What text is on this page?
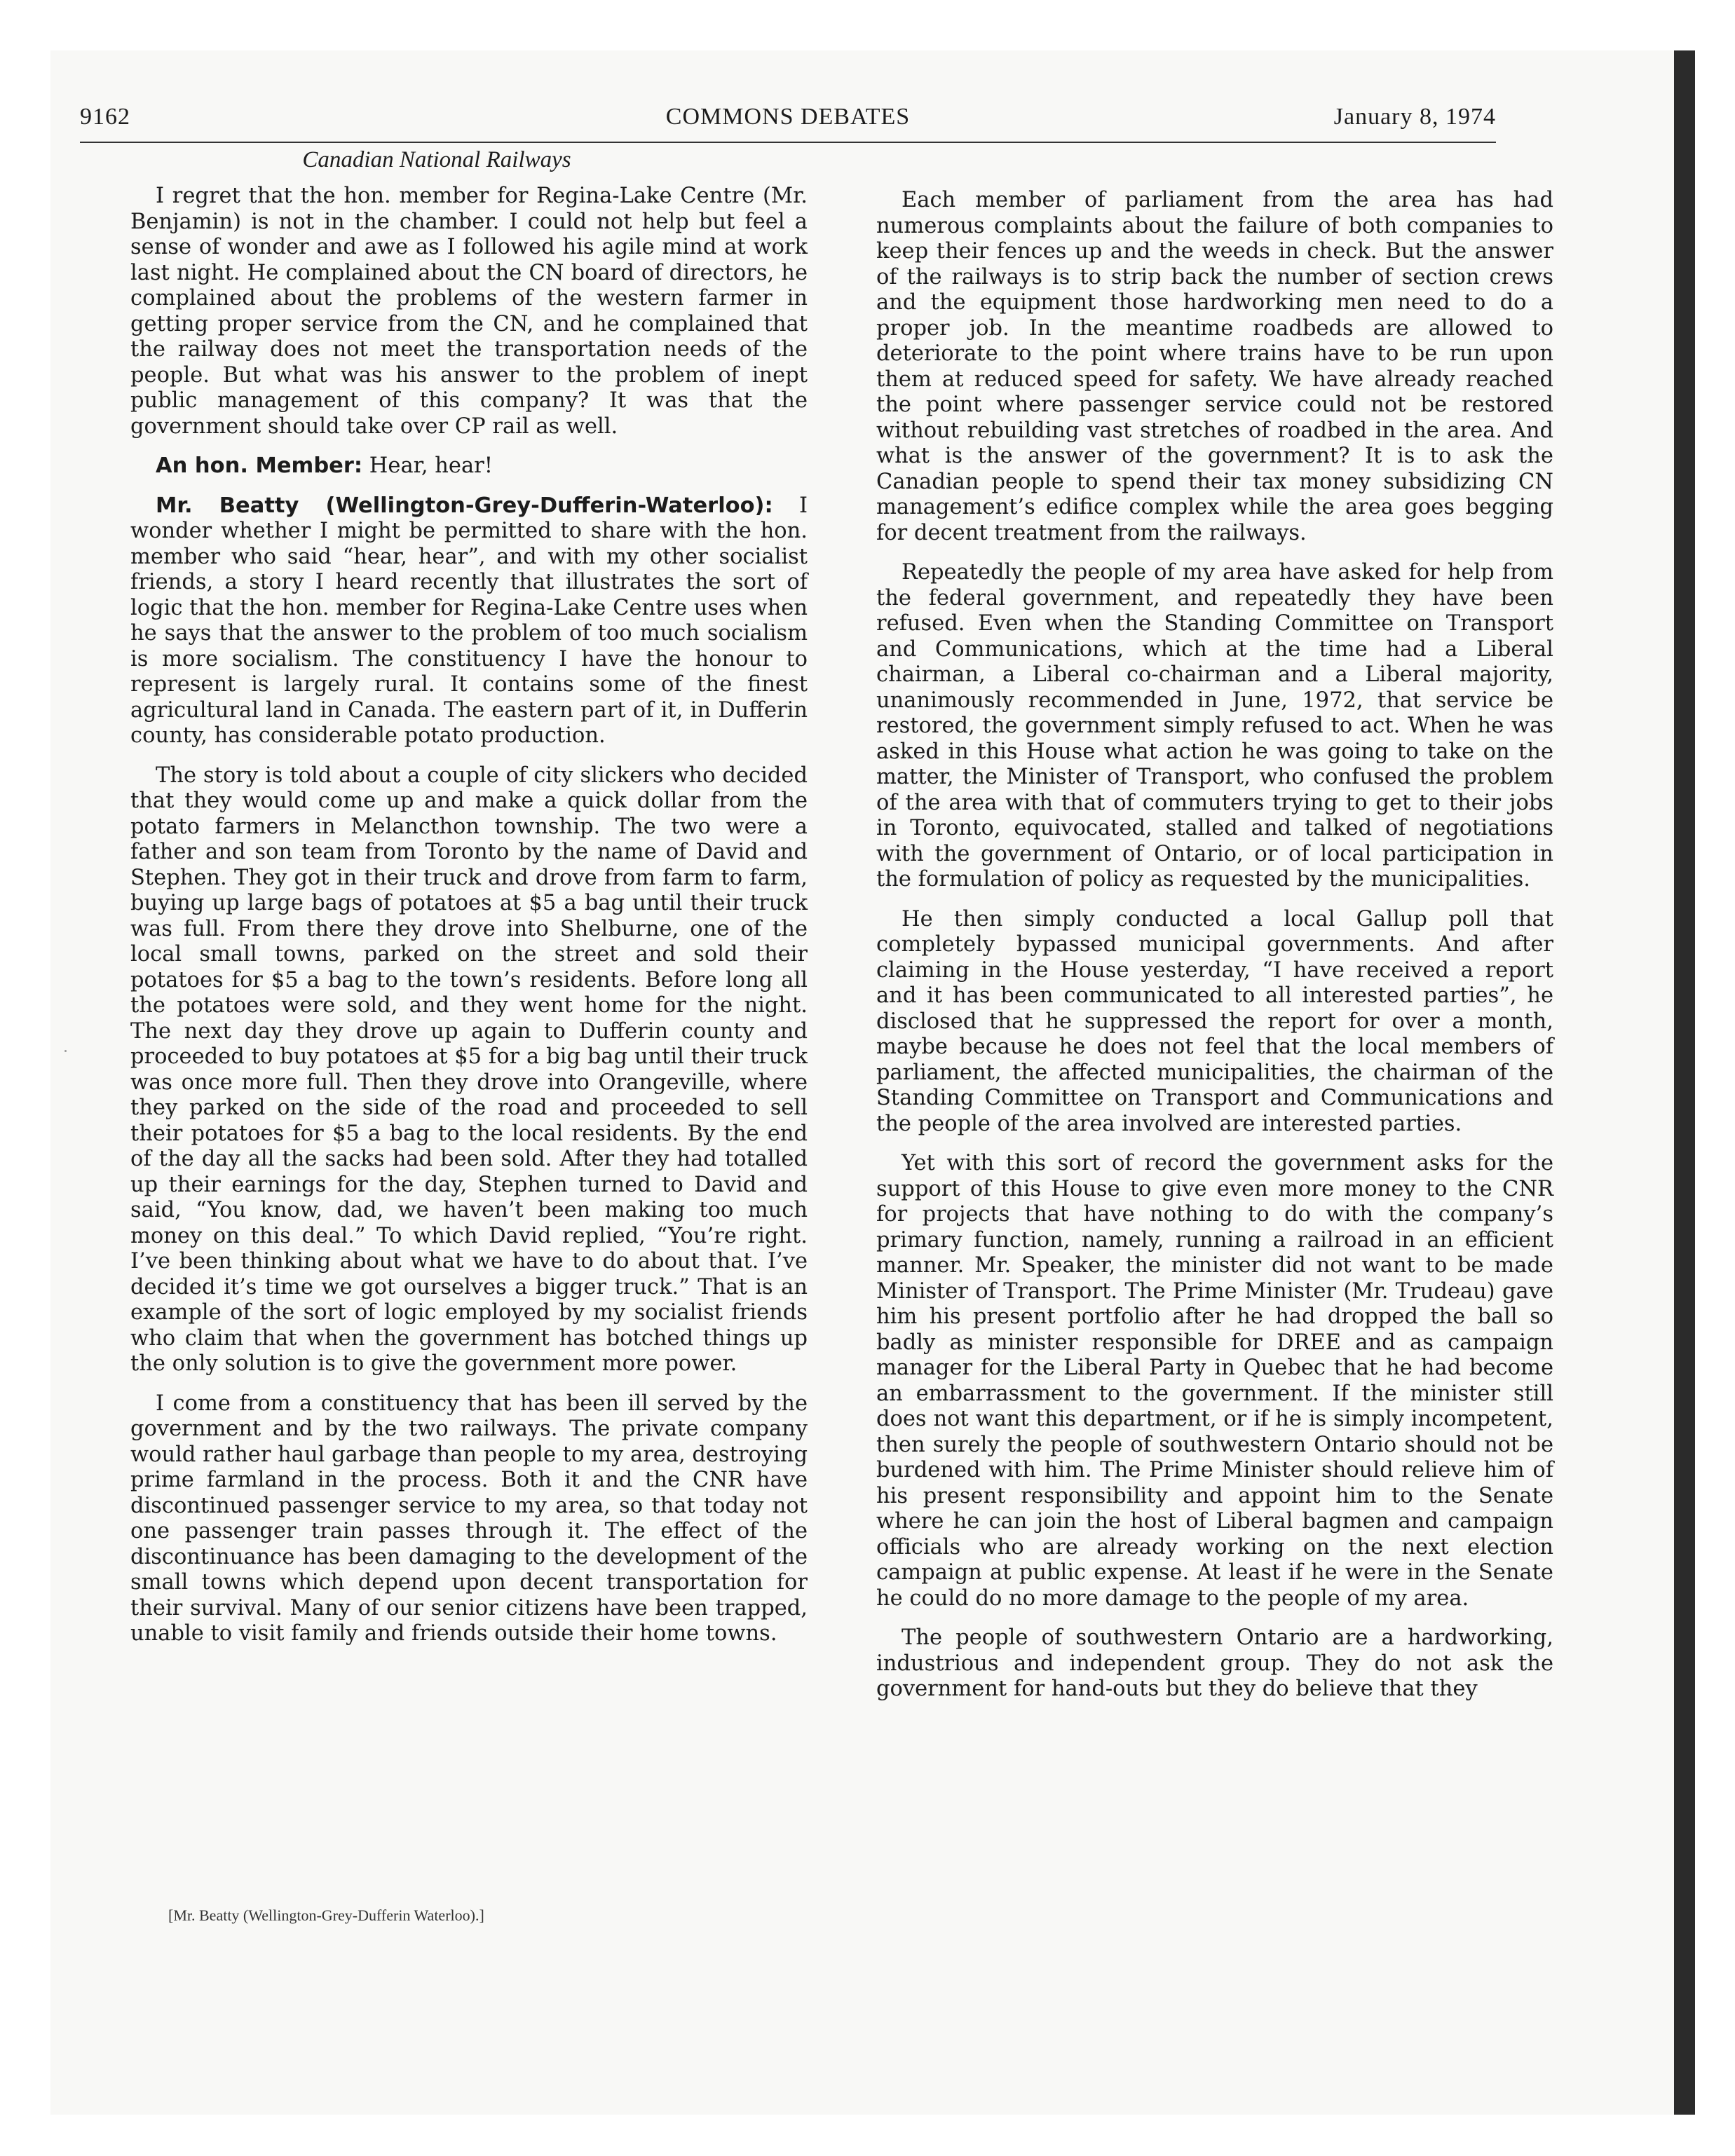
9162	COMMONS DEBATES	January 8, 1974
Canadian National Railways

I regret that the hon. member for Regina-Lake Centre (Mr. Benjamin) is not in the chamber. I could not help but feel a sense of wonder and awe as I followed his agile mind at work last night. He complained about the CN board of directors, he complained about the problems of the western farmer in getting proper service from the CN, and he complained that the railway does not meet the transportation needs of the people. But what was his answer to the problem of inept public management of this company? It was that the government should take over CP rail as well.

An hon. Member: Hear, hear!

Mr. Beatty (Wellington-Grey-Dufferin-Waterloo): I wonder whether I might be permitted to share with the hon. member who said “hear, hear”, and with my other socialist friends, a story I heard recently that illustrates the sort of logic that the hon. member for Regina-Lake Centre uses when he says that the answer to the problem of too much socialism is more socialism. The constituency I have the honour to represent is largely rural. It contains some of the finest agricultural land in Canada. The eastern part of it, in Dufferin county, has considerable potato production.

The story is told about a couple of city slickers who decided that they would come up and make a quick dollar from the potato farmers in Melancthon township. The two were a father and son team from Toronto by the name of David and Stephen. They got in their truck and drove from farm to farm, buying up large bags of potatoes at $5 a bag until their truck was full. From there they drove into Shelburne, one of the local small towns, parked on the street and sold their potatoes for $5 a bag to the town’s residents. Before long all the potatoes were sold, and they went home for the night. The next day they drove up again to Dufferin county and proceeded to buy potatoes at $5 for a big bag until their truck was once more full. Then they drove into Orangeville, where they parked on the side of the road and proceeded to sell their potatoes for $5 a bag to the local residents. By the end of the day all the sacks had been sold. After they had totalled up their earnings for the day, Stephen turned to David and said, “You know, dad, we haven’t been making too much money on this deal.” To which David replied, “You’re right. I’ve been thinking about what we have to do about that. I’ve decided it’s time we got ourselves a bigger truck.” That is an example of the sort of logic employed by my socialist friends who claim that when the government has botched things up the only solution is to give the government more power.

I come from a constituency that has been ill served by the government and by the two railways. The private company would rather haul garbage than people to my area, destroying prime farmland in the process. Both it and the CNR have discontinued passenger service to my area, so that today not one passenger train passes through it. The effect of the discontinuance has been damaging to the development of the small towns which depend upon decent transportation for their survival. Many of our senior citizens have been trapped, unable to visit family and friends outside their home towns.

[Mr. Beatty (Wellington-Grey-Dufferin Waterloo).]

Each member of parliament from the area has had numerous complaints about the failure of both companies to keep their fences up and the weeds in check. But the answer of the railways is to strip back the number of section crews and the equipment those hardworking men need to do a proper job. In the meantime roadbeds are allowed to deteriorate to the point where trains have to be run upon them at reduced speed for safety. We have already reached the point where passenger service could not be restored without rebuilding vast stretches of roadbed in the area. And what is the answer of the government? It is to ask the Canadian people to spend their tax money subsidizing CN management’s edifice complex while the area goes begging for decent treatment from the railways.

Repeatedly the people of my area have asked for help from the federal government, and repeatedly they have been refused. Even when the Standing Committee on Transport and Communications, which at the time had a Liberal chairman, a Liberal co-chairman and a Liberal majority, unanimously recommended in June, 1972, that service be restored, the government simply refused to act. When he was asked in this House what action he was going to take on the matter, the Minister of Transport, who confused the problem of the area with that of commuters trying to get to their jobs in Toronto, equivocated, stalled and talked of negotiations with the government of Ontario, or of local participation in the formulation of policy as requested by the municipalities.

He then simply conducted a local Gallup poll that completely bypassed municipal governments. And after claiming in the House yesterday, “I have received a report and it has been communicated to all interested parties”, he disclosed that he suppressed the report for over a month, maybe because he does not feel that the local members of parliament, the affected municipalities, the chairman of the Standing Committee on Transport and Communications and the people of the area involved are interested parties.

Yet with this sort of record the government asks for the support of this House to give even more money to the CNR for projects that have nothing to do with the company’s primary function, namely, running a railroad in an efficient manner. Mr. Speaker, the minister did not want to be made Minister of Transport. The Prime Minister (Mr. Trudeau) gave him his present portfolio after he had dropped the ball so badly as minister responsible for DREE and as campaign manager for the Liberal Party in Quebec that he had become an embarrassment to the government. If the minister still does not want this department, or if he is simply incompetent, then surely the people of southwestern Ontario should not be burdened with him. The Prime Minister should relieve him of his present responsibility and appoint him to the Senate where he can join the host of Liberal bagmen and campaign officials who are already working on the next election campaign at public expense. At least if he were in the Senate he could do no more damage to the people of my area.

The people of southwestern Ontario are a hardworking, industrious and independent group. They do not ask the government for hand-outs but they do believe that they
